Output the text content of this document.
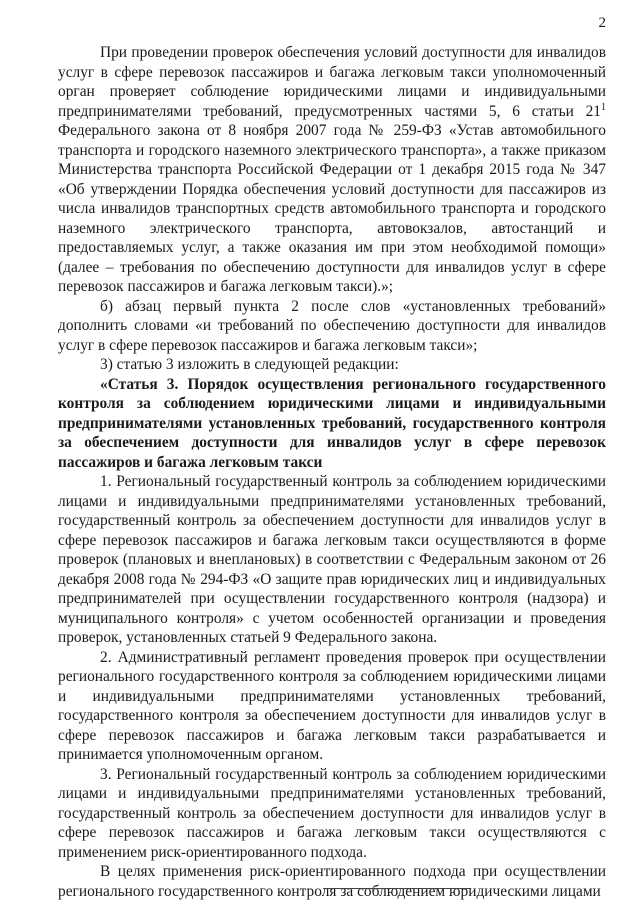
2

При проведении проверок обеспечения условий доступности для инвалидов услуг в сфере перевозок пассажиров и багажа легковым такси уполномоченный орган проверяет соблюдение юридическими лицами и индивидуальными предпринимателями требований, предусмотренных частями 5, 6 статьи $21^1$ Федерального закона от 8 ноября 2007 года № 259-ФЗ «Устав автомобильного транспорта и городского наземного электрического транспорта», а также приказом Министерства транспорта Российской Федерации от 1 декабря 2015 года № 347 «Об утверждении Порядка обеспечения условий доступности для пассажиров из числа инвалидов транспортных средств автомобильного транспорта и городского наземного электрического транспорта, автовокзалов, автостанций и предоставляемых услуг, а также оказания им при этом необходимой помощи» (далее – требования по обеспечению доступности для инвалидов услуг в сфере перевозок пассажиров и багажа легковым такси).»;

б) абзац первый пункта 2 после слов «установленных требований» дополнить словами «и требований по обеспечению доступности для инвалидов услуг в сфере перевозок пассажиров и багажа легковым такси»;

3) статью 3 изложить в следующей редакции:

«Статья 3. Порядок осуществления регионального государственного контроля за соблюдением юридическими лицами и индивидуальными предпринимателями установленных требований, государственного контроля за обеспечением доступности для инвалидов услуг в сфере перевозок пассажиров и багажа легковым такси

1. Региональный государственный контроль за соблюдением юридическими лицами и индивидуальными предпринимателями установленных требований, государственный контроль за обеспечением доступности для инвалидов услуг в сфере перевозок пассажиров и багажа легковым такси осуществляются в форме проверок (плановых и внеплановых) в соответствии с Федеральным законом от 26 декабря 2008 года № 294-ФЗ «О защите прав юридических лиц и индивидуальных предпринимателей при осуществлении государственного контроля (надзора) и муниципального контроля» с учетом особенностей организации и проведения проверок, установленных статьей 9 Федерального закона.

2. Административный регламент проведения проверок при осуществлении регионального государственного контроля за соблюдением юридическими лицами и индивидуальными предпринимателями установленных требований, государственного контроля за обеспечением доступности для инвалидов услуг в сфере перевозок пассажиров и багажа легковым такси разрабатывается и принимается уполномоченным органом.

3. Региональный государственный контроль за соблюдением юридическими лицами и индивидуальными предпринимателями установленных требований, государственный контроль за обеспечением доступности для инвалидов услуг в сфере перевозок пассажиров и багажа легковым такси осуществляются с применением риск-ориентированного подхода.

В целях применения риск-ориентированного подхода при осуществлении регионального государственного контроля за соблюдением юридическими лицами
